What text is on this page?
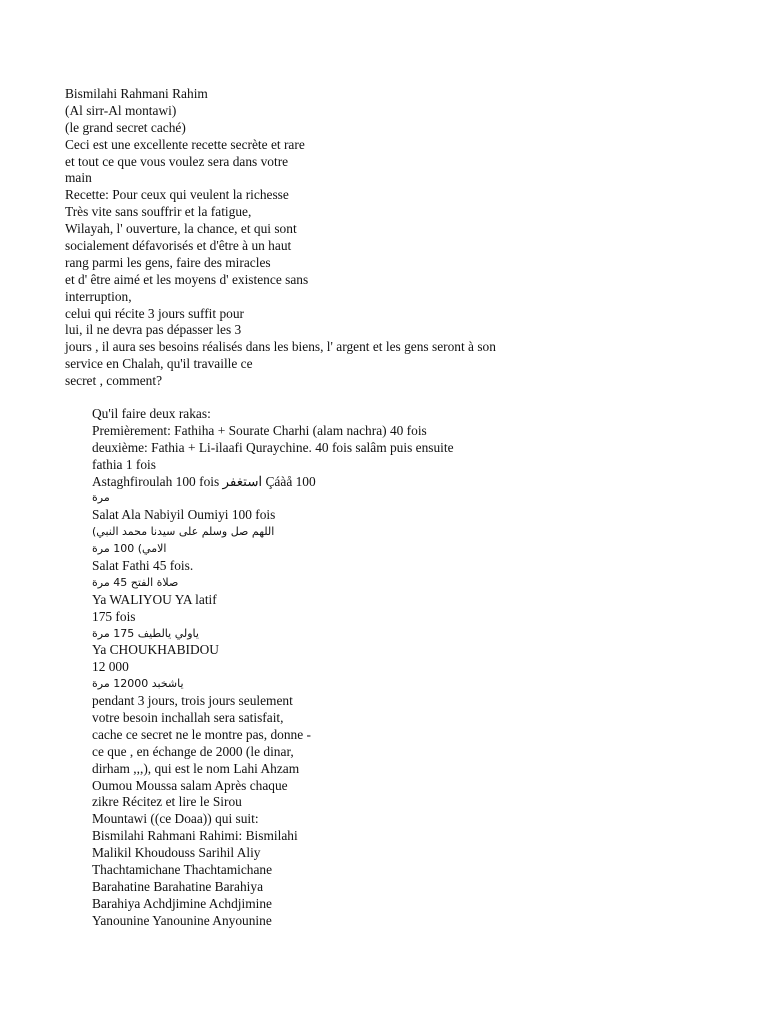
Bismilahi Rahmani Rahim
(Al sirr-Al montawi)
(le grand secret caché)
Ceci est une excellente recette secrète et rare
et tout ce que vous voulez sera dans votre
main
Recette: Pour ceux qui veulent la richesse
Très vite sans souffrir et la fatigue,
Wilayah, l' ouverture, la chance, et qui sont
socialement défavorisés et d'être à un haut
rang parmi les gens, faire des miracles
et d' être aimé et les moyens d' existence sans
interruption,
celui qui récite 3 jours suffit pour
lui, il ne devra pas dépasser les 3
jours , il aura ses besoins réalisés dans les biens, l' argent et les gens seront à son
service en Chalah, qu'il travaille ce
secret , comment?
Qu'il faire deux rakas:
Premièrement: Fathiha + Sourate Charhi (alam nachra) 40 fois
deuxième: Fathia + Li-ilaafi Quraychine. 40 fois salâm puis ensuite
fathia 1 fois
Astaghfiroulah 100 fois استغفر Çáàå 100
مرة
Salat Ala Nabiyil Oumiyi 100 fois
(اللهم صل وسلم على سيدنا محمد النبي
الامي) 100 مرة
Salat Fathi 45 fois.
صلاة الفتح 45 مرة
Ya WALIYOU YA latif
175 fois
ياولي يالطيف 175 مرة
Ya CHOUKHABIDOU
12 000
ياشخبد 12000 مرة
pendant 3 jours, trois jours seulement
votre besoin inchallah sera satisfait,
cache ce secret ne le montre pas, donne -
ce que , en échange de 2000 (le dinar,
dirham ,,,), qui est le nom Lahi Ahzam
Oumou Moussa salam Après chaque
zikre Récitez et lire le Sirou
Mountawi ((ce Doaa)) qui suit:
Bismilahi Rahmani Rahimi: Bismilahi
Malikil Khoudouss Sarihil Aliy
Thachtamichane Thachtamichane
Barahatine Barahatine Barahiya
Barahiya Achdjimine Achdjimine
Yanounine Yanounine Anyounine
